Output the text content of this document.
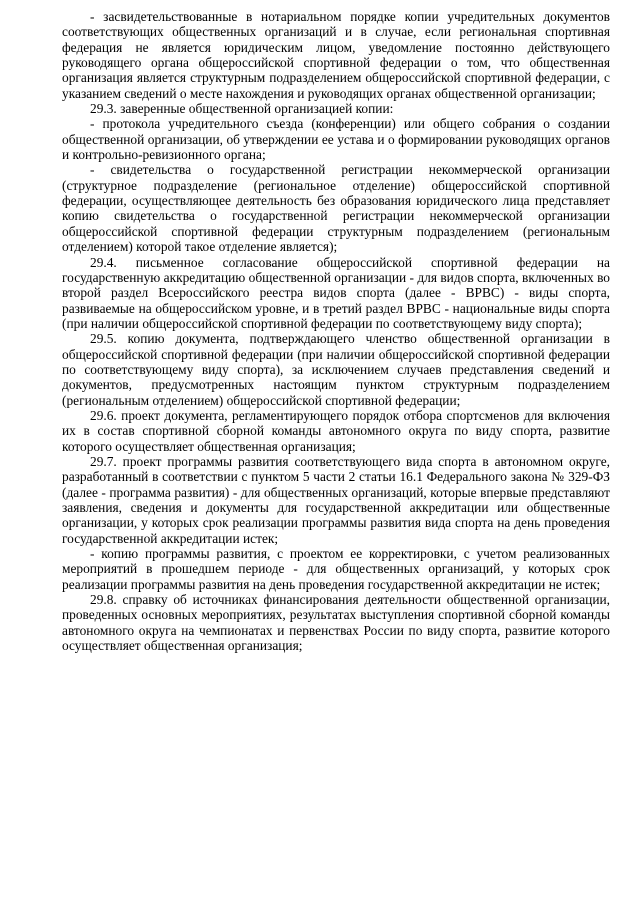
- засвидетельствованные в нотариальном порядке копии учредительных документов соответствующих общественных организаций и в случае, если региональная спортивная федерация не является юридическим лицом, уведомление постоянно действующего руководящего органа общероссийской спортивной федерации о том, что общественная организация является структурным подразделением общероссийской спортивной федерации, с указанием сведений о месте нахождения и руководящих органах общественной организации;

29.3. заверенные общественной организацией копии:

- протокола учредительного съезда (конференции) или общего собрания о создании общественной организации, об утверждении ее устава и о формировании руководящих органов и контрольно-ревизионного органа;

- свидетельства о государственной регистрации некоммерческой организации (структурное подразделение (региональное отделение) общероссийской спортивной федерации, осуществляющее деятельность без образования юридического лица представляет копию свидетельства о государственной регистрации некоммерческой организации общероссийской спортивной федерации структурным подразделением (региональным отделением) которой такое отделение является);

29.4. письменное согласование общероссийской спортивной федерации на государственную аккредитацию общественной организации - для видов спорта, включенных во второй раздел Всероссийского реестра видов спорта (далее - ВРВС) - виды спорта, развиваемые на общероссийском уровне, и в третий раздел ВРВС - национальные виды спорта (при наличии общероссийской спортивной федерации по соответствующему виду спорта);

29.5. копию документа, подтверждающего членство общественной организации в общероссийской спортивной федерации (при наличии общероссийской спортивной федерации по соответствующему виду спорта), за исключением случаев представления сведений и документов, предусмотренных настоящим пунктом структурным подразделением (региональным отделением) общероссийской спортивной федерации;

29.6. проект документа, регламентирующего порядок отбора спортсменов для включения их в состав спортивной сборной команды автономного округа по виду спорта, развитие которого осуществляет общественная организация;

29.7. проект программы развития соответствующего вида спорта в автономном округе, разработанный в соответствии с пунктом 5 части 2 статьи 16.1 Федерального закона № 329-ФЗ (далее - программа развития) - для общественных организаций, которые впервые представляют заявления, сведения и документы для государственной аккредитации или общественные организации, у которых срок реализации программы развития вида спорта на день проведения государственной аккредитации истек;

- копию программы развития, с проектом ее корректировки, с учетом реализованных мероприятий в прошедшем периоде - для общественных организаций, у которых срок реализации программы развития на день проведения государственной аккредитации не истек;

29.8. справку об источниках финансирования деятельности общественной организации, проведенных основных мероприятиях, результатах выступления спортивной сборной команды автономного округа на чемпионатах и первенствах России по виду спорта, развитие которого осуществляет общественная организация;
